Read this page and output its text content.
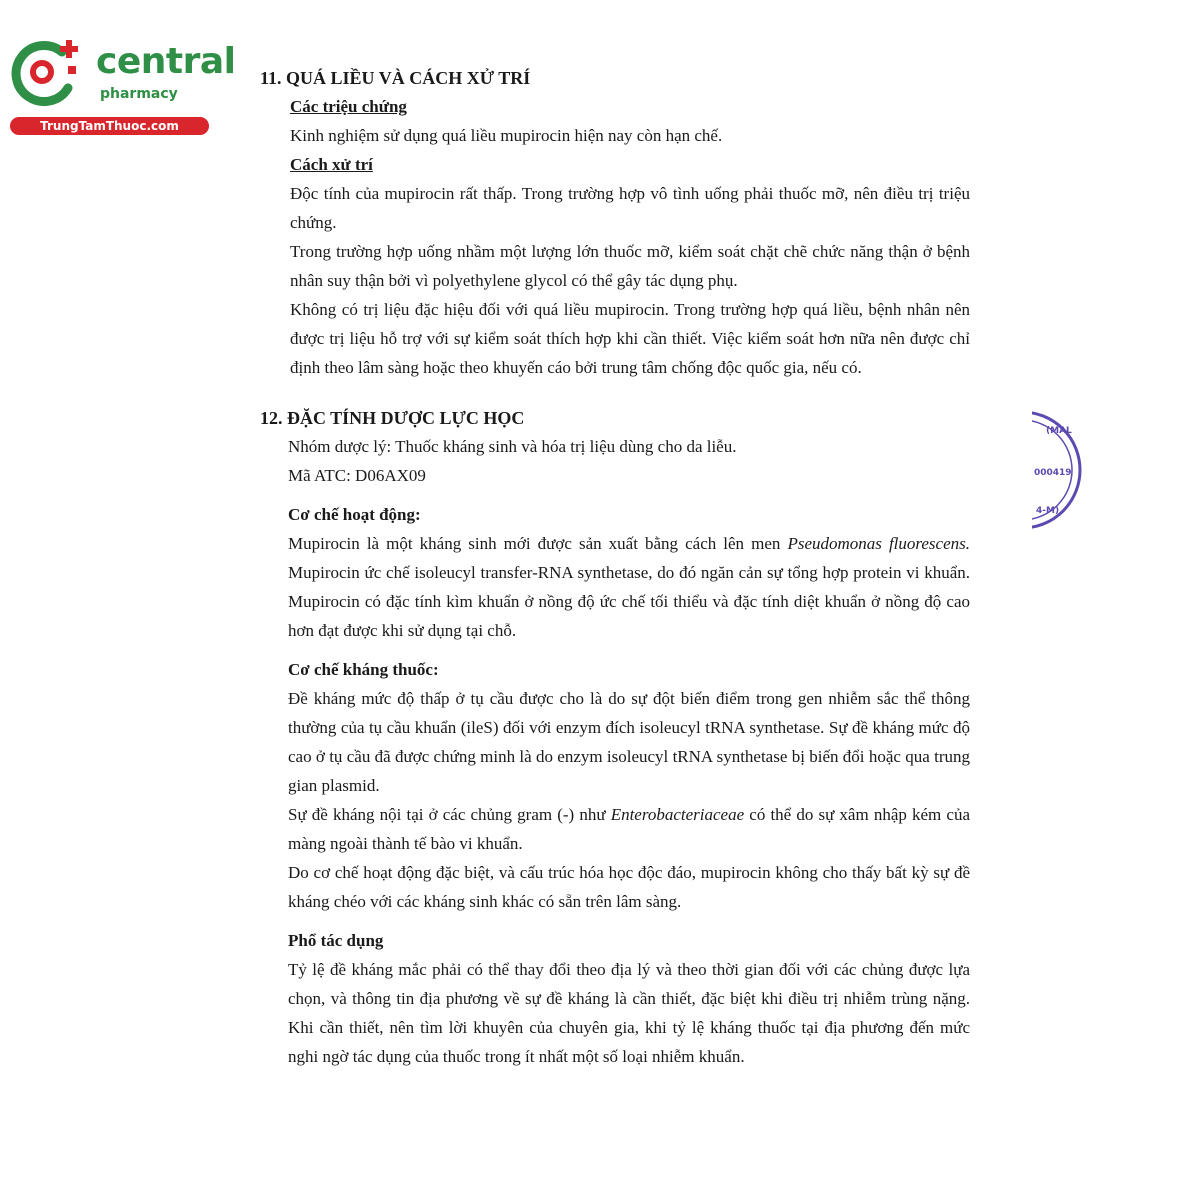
central
pharmacy
TrungTamThuoc.com
11. QUÁ LIỀU VÀ CÁCH XỬ TRÍ
Các triệu chứng

Kinh nghiệm sử dụng quá liều mupirocin hiện nay còn hạn chế.

Cách xử trí

Độc tính của mupirocin rất thấp. Trong trường hợp vô tình uống phải thuốc mỡ, nên điều trị triệu chứng.

Trong trường hợp uống nhầm một lượng lớn thuốc mỡ, kiểm soát chặt chẽ chức năng thận ở bệnh nhân suy thận bởi vì polyethylene glycol có thể gây tác dụng phụ.

Không có trị liệu đặc hiệu đối với quá liều mupirocin. Trong trường hợp quá liều, bệnh nhân nên được trị liệu hỗ trợ với sự kiểm soát thích hợp khi cần thiết. Việc kiểm soát hơn nữa nên được chỉ định theo lâm sàng hoặc theo khuyến cáo bởi trung tâm chống độc quốc gia, nếu có.

12. ĐẶC TÍNH DƯỢC LỰC HỌC

Nhóm dược lý: Thuốc kháng sinh và hóa trị liệu dùng cho da liễu.

Mã ATC: D06AX09

Cơ chế hoạt động:

Mupirocin là một kháng sinh mới được sản xuất bằng cách lên men Pseudomonas fluorescens. Mupirocin ức chế isoleucyl transfer-RNA synthetase, do đó ngăn cản sự tổng hợp protein vi khuẩn. Mupirocin có đặc tính kìm khuẩn ở nồng độ ức chế tối thiểu và đặc tính diệt khuẩn ở nồng độ cao hơn đạt được khi sử dụng tại chỗ.

Cơ chế kháng thuốc:

Đề kháng mức độ thấp ở tụ cầu được cho là do sự đột biến điểm trong gen nhiễm sắc thể thông thường của tụ cầu khuẩn (ileS) đối với enzym đích isoleucyl tRNA synthetase. Sự đề kháng mức độ cao ở tụ cầu đã được chứng minh là do enzym isoleucyl tRNA synthetase bị biến đổi hoặc qua trung gian plasmid.

Sự đề kháng nội tại ở các chủng gram (-) như Enterobacteriaceae có thể do sự xâm nhập kém của màng ngoài thành tế bào vi khuẩn.

Do cơ chế hoạt động đặc biệt, và cấu trúc hóa học độc đáo, mupirocin không cho thấy bất kỳ sự đề kháng chéo với các kháng sinh khác có sẵn trên lâm sàng.

Phổ tác dụng

Tỷ lệ đề kháng mắc phải có thể thay đổi theo địa lý và theo thời gian đối với các chủng được lựa chọn, và thông tin địa phương về sự đề kháng là cần thiết, đặc biệt khi điều trị nhiễm trùng nặng. Khi cần thiết, nên tìm lời khuyên của chuyên gia, khi tỷ lệ kháng thuốc tại địa phương đến mức nghi ngờ tác dụng của thuốc trong ít nhất một số loại nhiễm khuẩn.

(MAL
000419
4-M)
